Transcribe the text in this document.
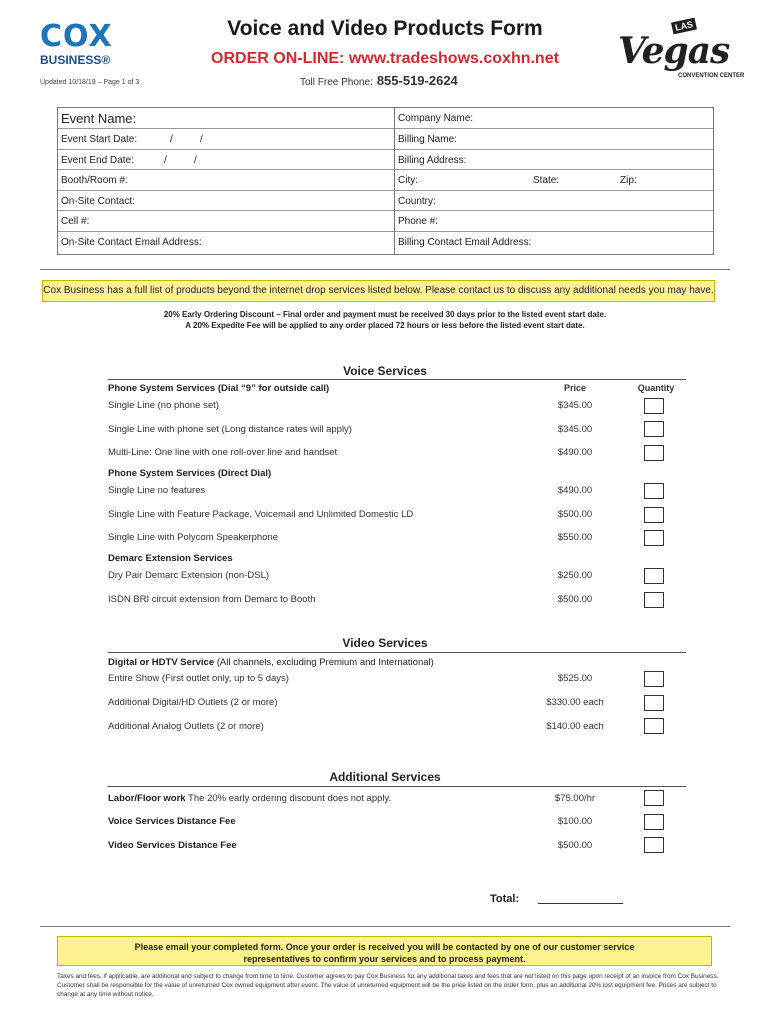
COX
BUSINESS®
Updated 10/18/19 – Page 1 of 3
Voice and Video Products Form
ORDER ON-LINE: www.tradeshows.coxhn.net
Toll Free Phone: 855-519-2624
Vegas
LAS
CONVENTION CENTER
Event Name:
Event Start Date:	/	/
Event End Date:	/	/
Booth/Room #:
On-Site Contact:
Cell #:
On-Site Contact Email Address:
Company Name:
Billing Name:
Billing Address:
City:	State:	Zip:
Country:
Phone #:
Billing Contact Email Address:
Cox Business has a full list of products beyond the internet drop services listed below. Please contact us to discuss any additional needs you may have.
20% Early Ordering Discount – Final order and payment must be received 30 days prior to the listed event start date.
A 20% Expedite Fee will be applied to any order placed 72 hours or less before the listed event start date.
Voice Services
Phone System Services (Dial “9” for outside call)	Price	Quantity
Single Line (no phone set)	$345.00
Single Line with phone set (Long distance rates will apply)	$345.00
Multi-Line: One line with one roll-over line and handset	$490.00
Phone System Services (Direct Dial)
Single Line no features	$490.00
Single Line with Feature Package, Voicemail and Unlimited Domestic LD	$500.00
Single Line with Polycom Speakerphone	$550.00
Demarc Extension Services
Dry Pair Demarc Extension (non-DSL)	$250.00
ISDN BRI circuit extension from Demarc to Booth	$500.00
Video Services
Digital or HDTV Service (All channels, excluding Premium and International)
Entire Show (First outlet only, up to 5 days)	$525.00
Additional Digital/HD Outlets (2 or more)	$330.00 each
Additional Analog Outlets (2 or more)	$140.00 each
Additional Services
Labor/Floor work The 20% early ordering discount does not apply.	$75.00/hr
Voice Services Distance Fee	$100.00
Video Services Distance Fee	$500.00
Total:
Please email your completed form. Once your order is received you will be contacted by one of our customer service
representatives to confirm your services and to process payment.
Taxes and fees, if applicable, are additional and subject to change from time to time. Customer agrees to pay Cox Business for any additional taxes and fees that are not listed on this page upon receipt of an invoice from Cox Business. Customer shall be responsible for the value of unreturned Cox owned equipment after event. The value of unreturned equipment will be the price listed on the order form, plus an additional 20% lost equipment fee. Prices are subject to change at any time without notice.
